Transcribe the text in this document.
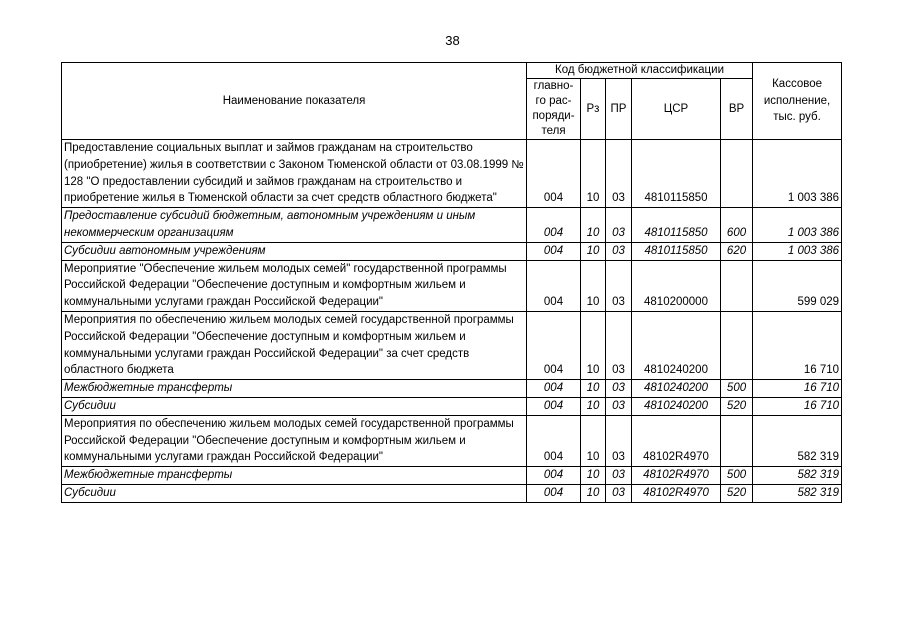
38
Наименование показателя	Код бюджетной классификации					Кассовое исполнение, тыс. руб.
	главно-го рас-поряди-теля	Рз	ПР	ЦСР	ВР	
Предоставление социальных выплат и займов гражданам на строительство (приобретение) жилья в соответствии с Законом Тюменской области от 03.08.1999 № 128 "О предоставлении субсидий и займов гражданам на строительство и приобретение жилья в Тюменской области за счет средств областного бюджета"	004	10	03	4810115850		1 003 386
Предоставление субсидий бюджетным, автономным учреждениям и иным некоммерческим организациям	004	10	03	4810115850	600	1 003 386
Субсидии автономным учреждениям	004	10	03	4810115850	620	1 003 386
Мероприятие "Обеспечение жильем молодых семей" государственной программы Российской Федерации "Обеспечение доступным и комфортным жильем и коммунальными услугами граждан Российской Федерации"	004	10	03	4810200000		599 029
Мероприятия по обеспечению жильем молодых семей государственной программы Российской Федерации "Обеспечение доступным и комфортным жильем и коммунальными услугами граждан Российской Федерации" за счет средств областного бюджета	004	10	03	4810240200		16 710
Межбюджетные трансферты	004	10	03	4810240200	500	16 710
Субсидии	004	10	03	4810240200	520	16 710
Мероприятия по обеспечению жильем молодых семей государственной программы Российской Федерации "Обеспечение доступным и комфортным жильем и коммунальными услугами граждан Российской Федерации"	004	10	03	48102R4970		582 319
Межбюджетные трансферты	004	10	03	48102R4970	500	582 319
Субсидии	004	10	03	48102R4970	520	582 319
